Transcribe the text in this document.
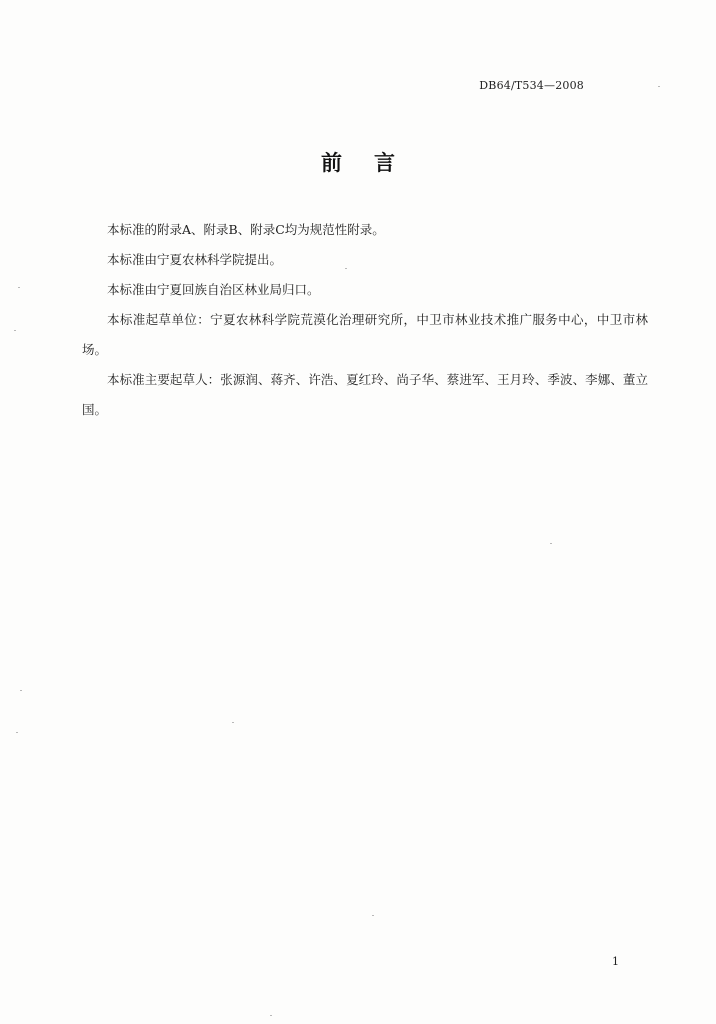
DB64/T534—2008
前言

本标准的附录A、附录B、附录C均为规范性附录。

本标准由宁夏农林科学院提出。

本标准由宁夏回族自治区林业局归口。

本标准起草单位：宁夏农林科学院荒漠化治理研究所，中卫市林业技术推广服务中心，中卫市林场。

本标准主要起草人：张源润、蒋齐、许浩、夏红玲、尚子华、蔡进军、王月玲、季波、李娜、董立国。

1
